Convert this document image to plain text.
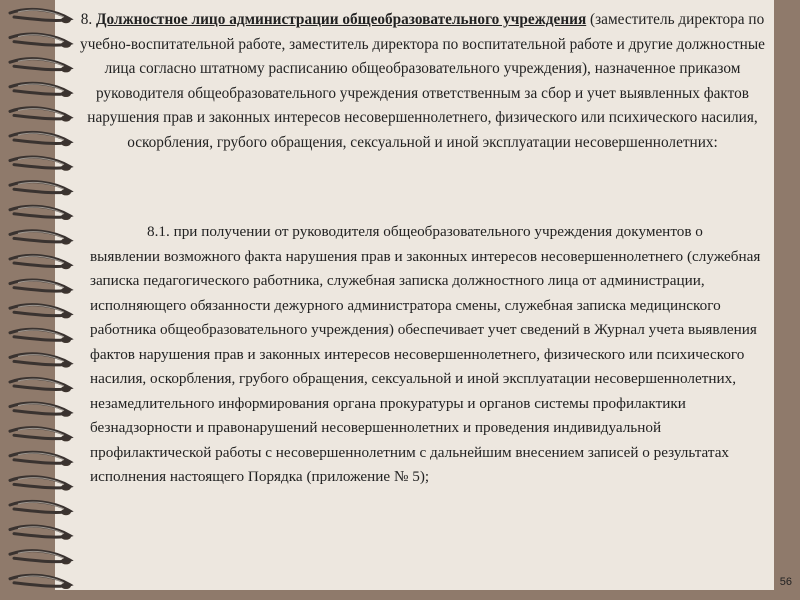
8. Должностное лицо администрации общеобразовательного учреждения (заместитель директора по учебно-воспитательной работе, заместитель директора по воспитательной работе и другие должностные лица согласно штатному расписанию общеобразовательного учреждения), назначенное приказом руководителя общеобразовательного учреждения ответственным за сбор и учет выявленных фактов нарушения прав и законных интересов несовершеннолетнего, физического или психического насилия, оскорбления, грубого обращения, сексуальной и иной эксплуатации несовершеннолетних:
8.1. при получении от руководителя общеобразовательного учреждения документов о выявлении возможного факта нарушения прав и законных интересов несовершеннолетнего (служебная записка педагогического работника, служебная записка должностного лица от администрации, исполняющего обязанности дежурного администратора смены, служебная записка медицинского работника общеобразовательного учреждения) обеспечивает учет сведений в Журнал учета выявления фактов нарушения прав и законных интересов несовершеннолетнего, физического или психического насилия, оскорбления, грубого обращения, сексуальной и иной эксплуатации несовершеннолетних, незамедлительного информирования органа прокуратуры и органов системы профилактики безнадзорности и правонарушений несовершеннолетних и проведения индивидуальной профилактической работы с несовершеннолетним с дальнейшим внесением записей о результатах исполнения настоящего Порядка (приложение № 5);
56
